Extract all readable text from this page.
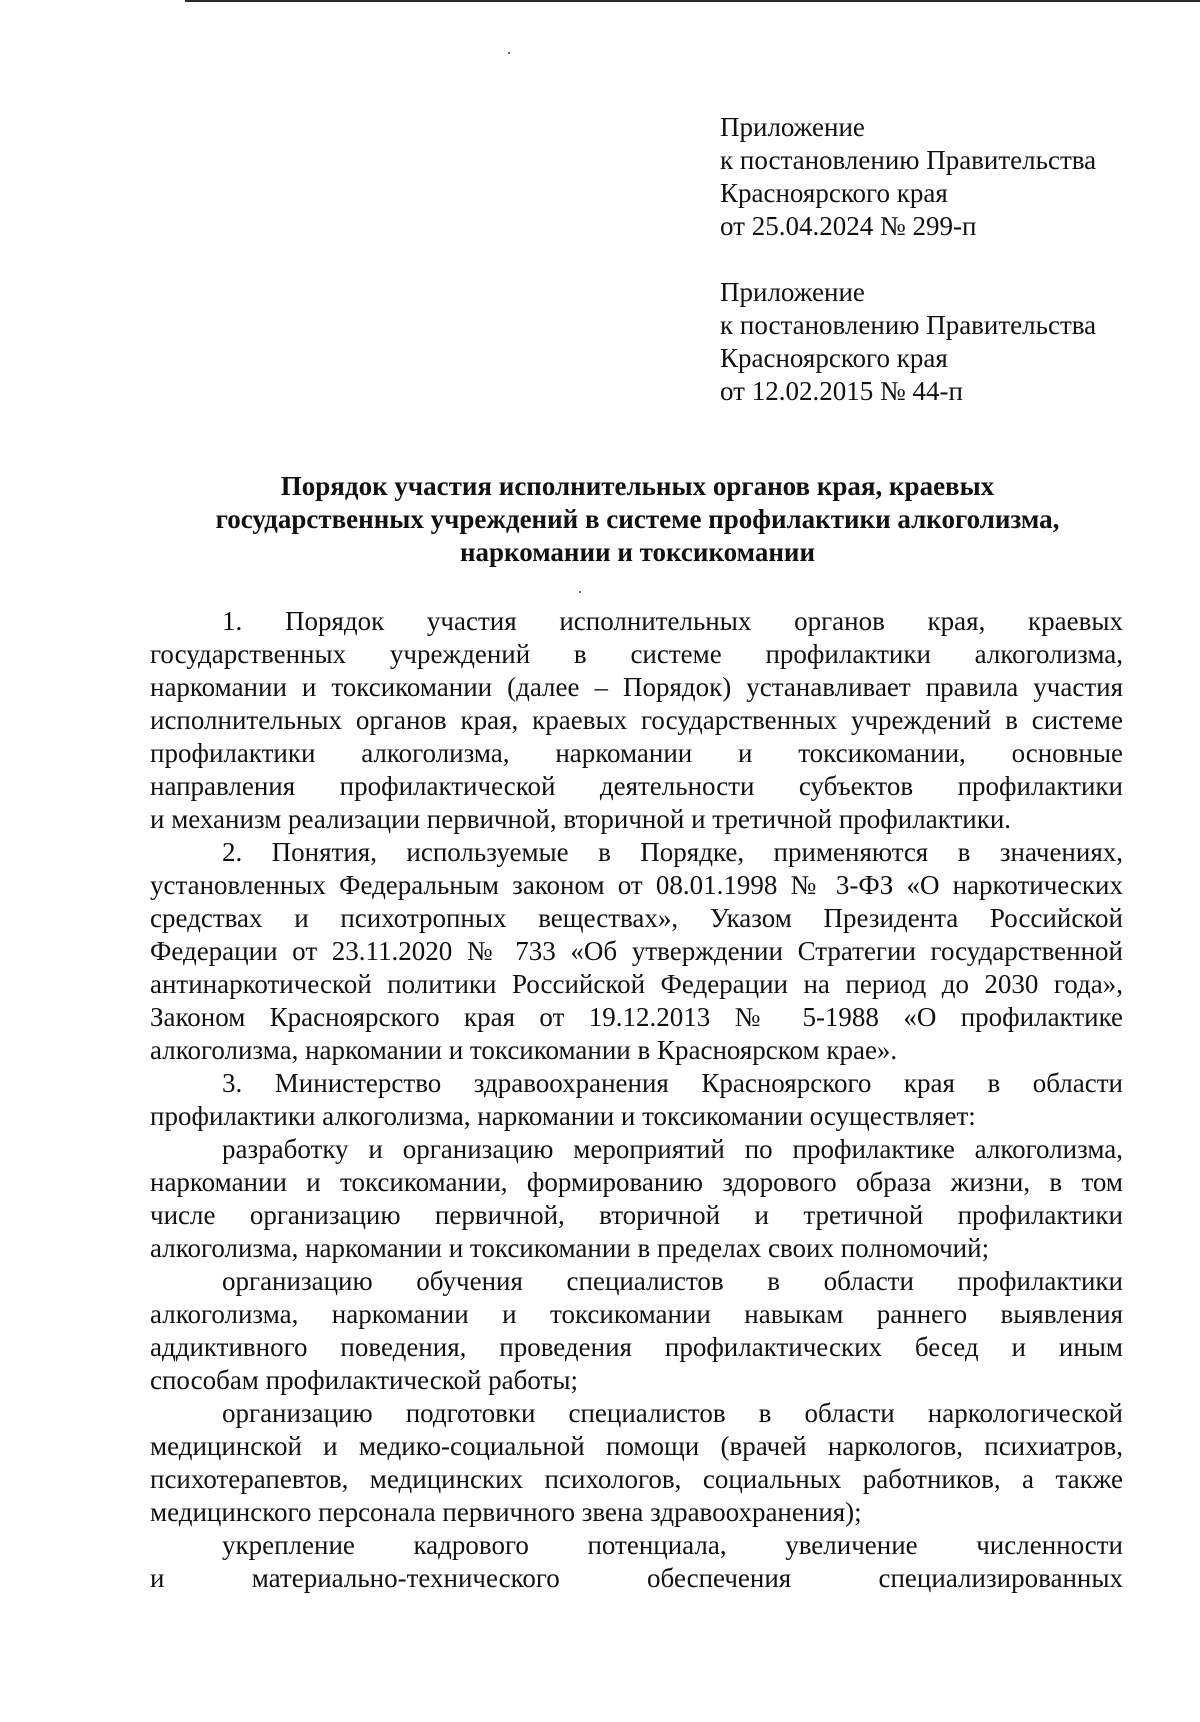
Приложение
к постановлению Правительства
Красноярского края
от 25.04.2024 № 299-п
Приложение
к постановлению Правительства
Красноярского края
от 12.02.2015 № 44-п
Порядок участия исполнительных органов края, краевых
государственных учреждений в системе профилактики алкоголизма,
наркомании и токсикомании
1. Порядок участия исполнительных органов края, краевых
государственных учреждений в системе профилактики алкоголизма,
наркомании и токсикомании (далее – Порядок) устанавливает правила участия
исполнительных органов края, краевых государственных учреждений в системе
профилактики алкоголизма, наркомании и токсикомании, основные
направления профилактической деятельности субъектов профилактики
и механизм реализации первичной, вторичной и третичной профилактики.
2. Понятия, используемые в Порядке, применяются в значениях,
установленных Федеральным законом от 08.01.1998 № 3-ФЗ «О наркотических
средствах и психотропных веществах», Указом Президента Российской
Федерации от 23.11.2020 № 733 «Об утверждении Стратегии государственной
антинаркотической политики Российской Федерации на период до 2030 года»,
Законом Красноярского края от 19.12.2013 № 5-1988 «О профилактике
алкоголизма, наркомании и токсикомании в Красноярском крае».
3. Министерство здравоохранения Красноярского края в области
профилактики алкоголизма, наркомании и токсикомании осуществляет:
разработку и организацию мероприятий по профилактике алкоголизма,
наркомании и токсикомании, формированию здорового образа жизни, в том
числе организацию первичной, вторичной и третичной профилактики
алкоголизма, наркомании и токсикомании в пределах своих полномочий;
организацию обучения специалистов в области профилактики
алкоголизма, наркомании и токсикомании навыкам раннего выявления
аддиктивного поведения, проведения профилактических бесед и иным
способам профилактической работы;
организацию подготовки специалистов в области наркологической
медицинской и медико-социальной помощи (врачей наркологов, психиатров,
психотерапевтов, медицинских психологов, социальных работников, а также
медицинского персонала первичного звена здравоохранения);
укрепление кадрового потенциала, увеличение численности
и материально-технического обеспечения специализированных
